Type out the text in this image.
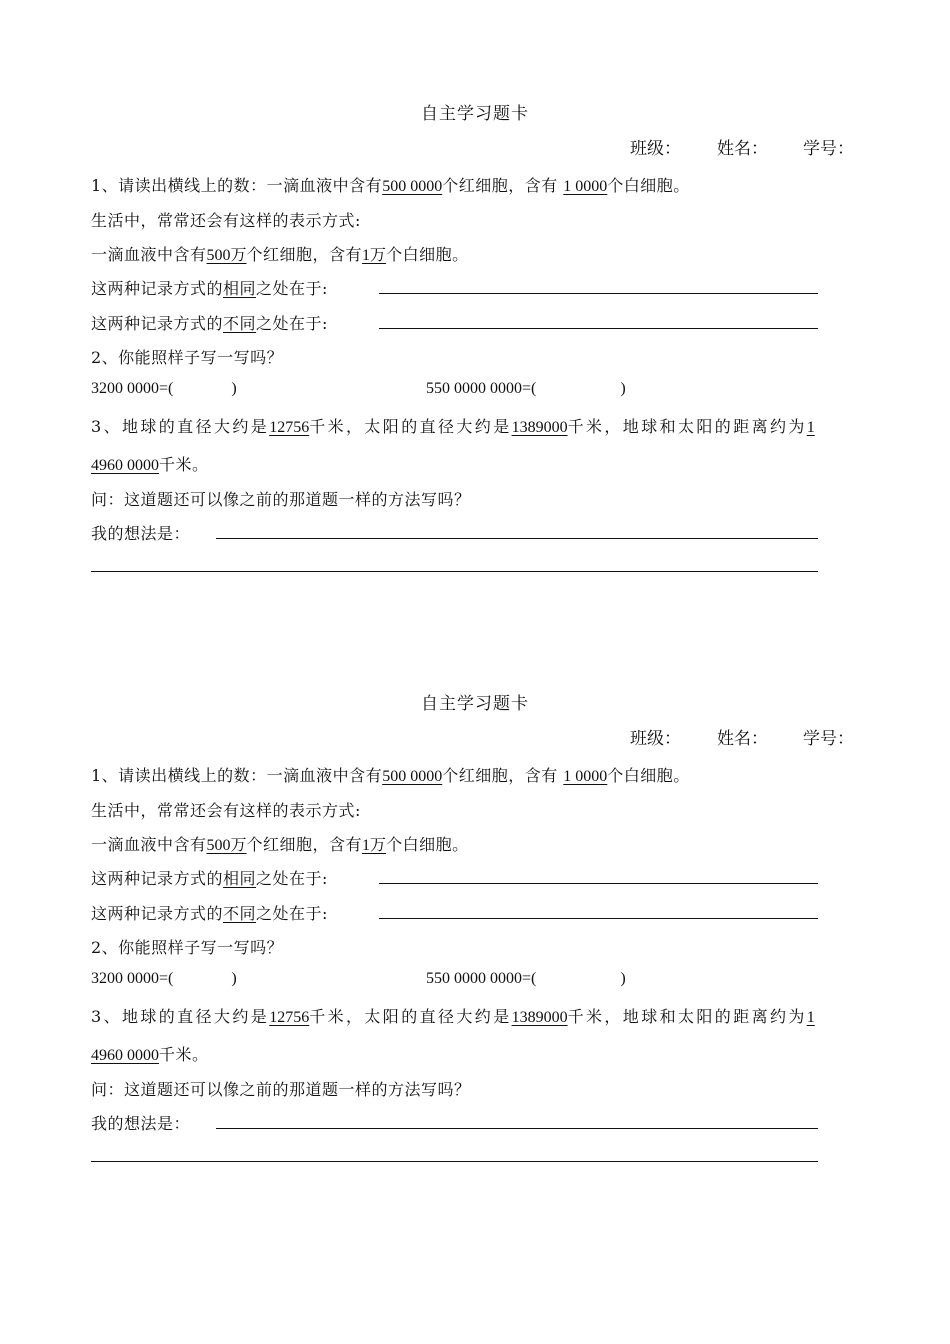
自主学习题卡
班级： 姓名： 学号：
1、请读出横线上的数：一滴血液中含有500 0000个红细胞，含有 1 0000个白细胞。
生活中，常常还会有这样的表示方式:
一滴血液中含有500万个红细胞，含有1万个白细胞。
这两种记录方式的相同之处在于:
这两种记录方式的不同之处在于:
2、你能照样子写一写吗？
3200 0000=(	)	550 0000 0000=(	)
3、地球的直径大约是12756千米，太阳的直径大约是1389000千米，地球和太阳的距离约为1
4960 0000千米。
问：这道题还可以像之前的那道题一样的方法写吗？
我的想法是：
自主学习题卡
班级： 姓名： 学号：
1、请读出横线上的数：一滴血液中含有500 0000个红细胞，含有 1 0000个白细胞。
生活中，常常还会有这样的表示方式:
一滴血液中含有500万个红细胞，含有1万个白细胞。
这两种记录方式的相同之处在于:
这两种记录方式的不同之处在于:
2、你能照样子写一写吗？
3200 0000=(	)	550 0000 0000=(	)
3、地球的直径大约是12756千米，太阳的直径大约是1389000千米，地球和太阳的距离约为1
4960 0000千米。
问：这道题还可以像之前的那道题一样的方法写吗？
我的想法是：
